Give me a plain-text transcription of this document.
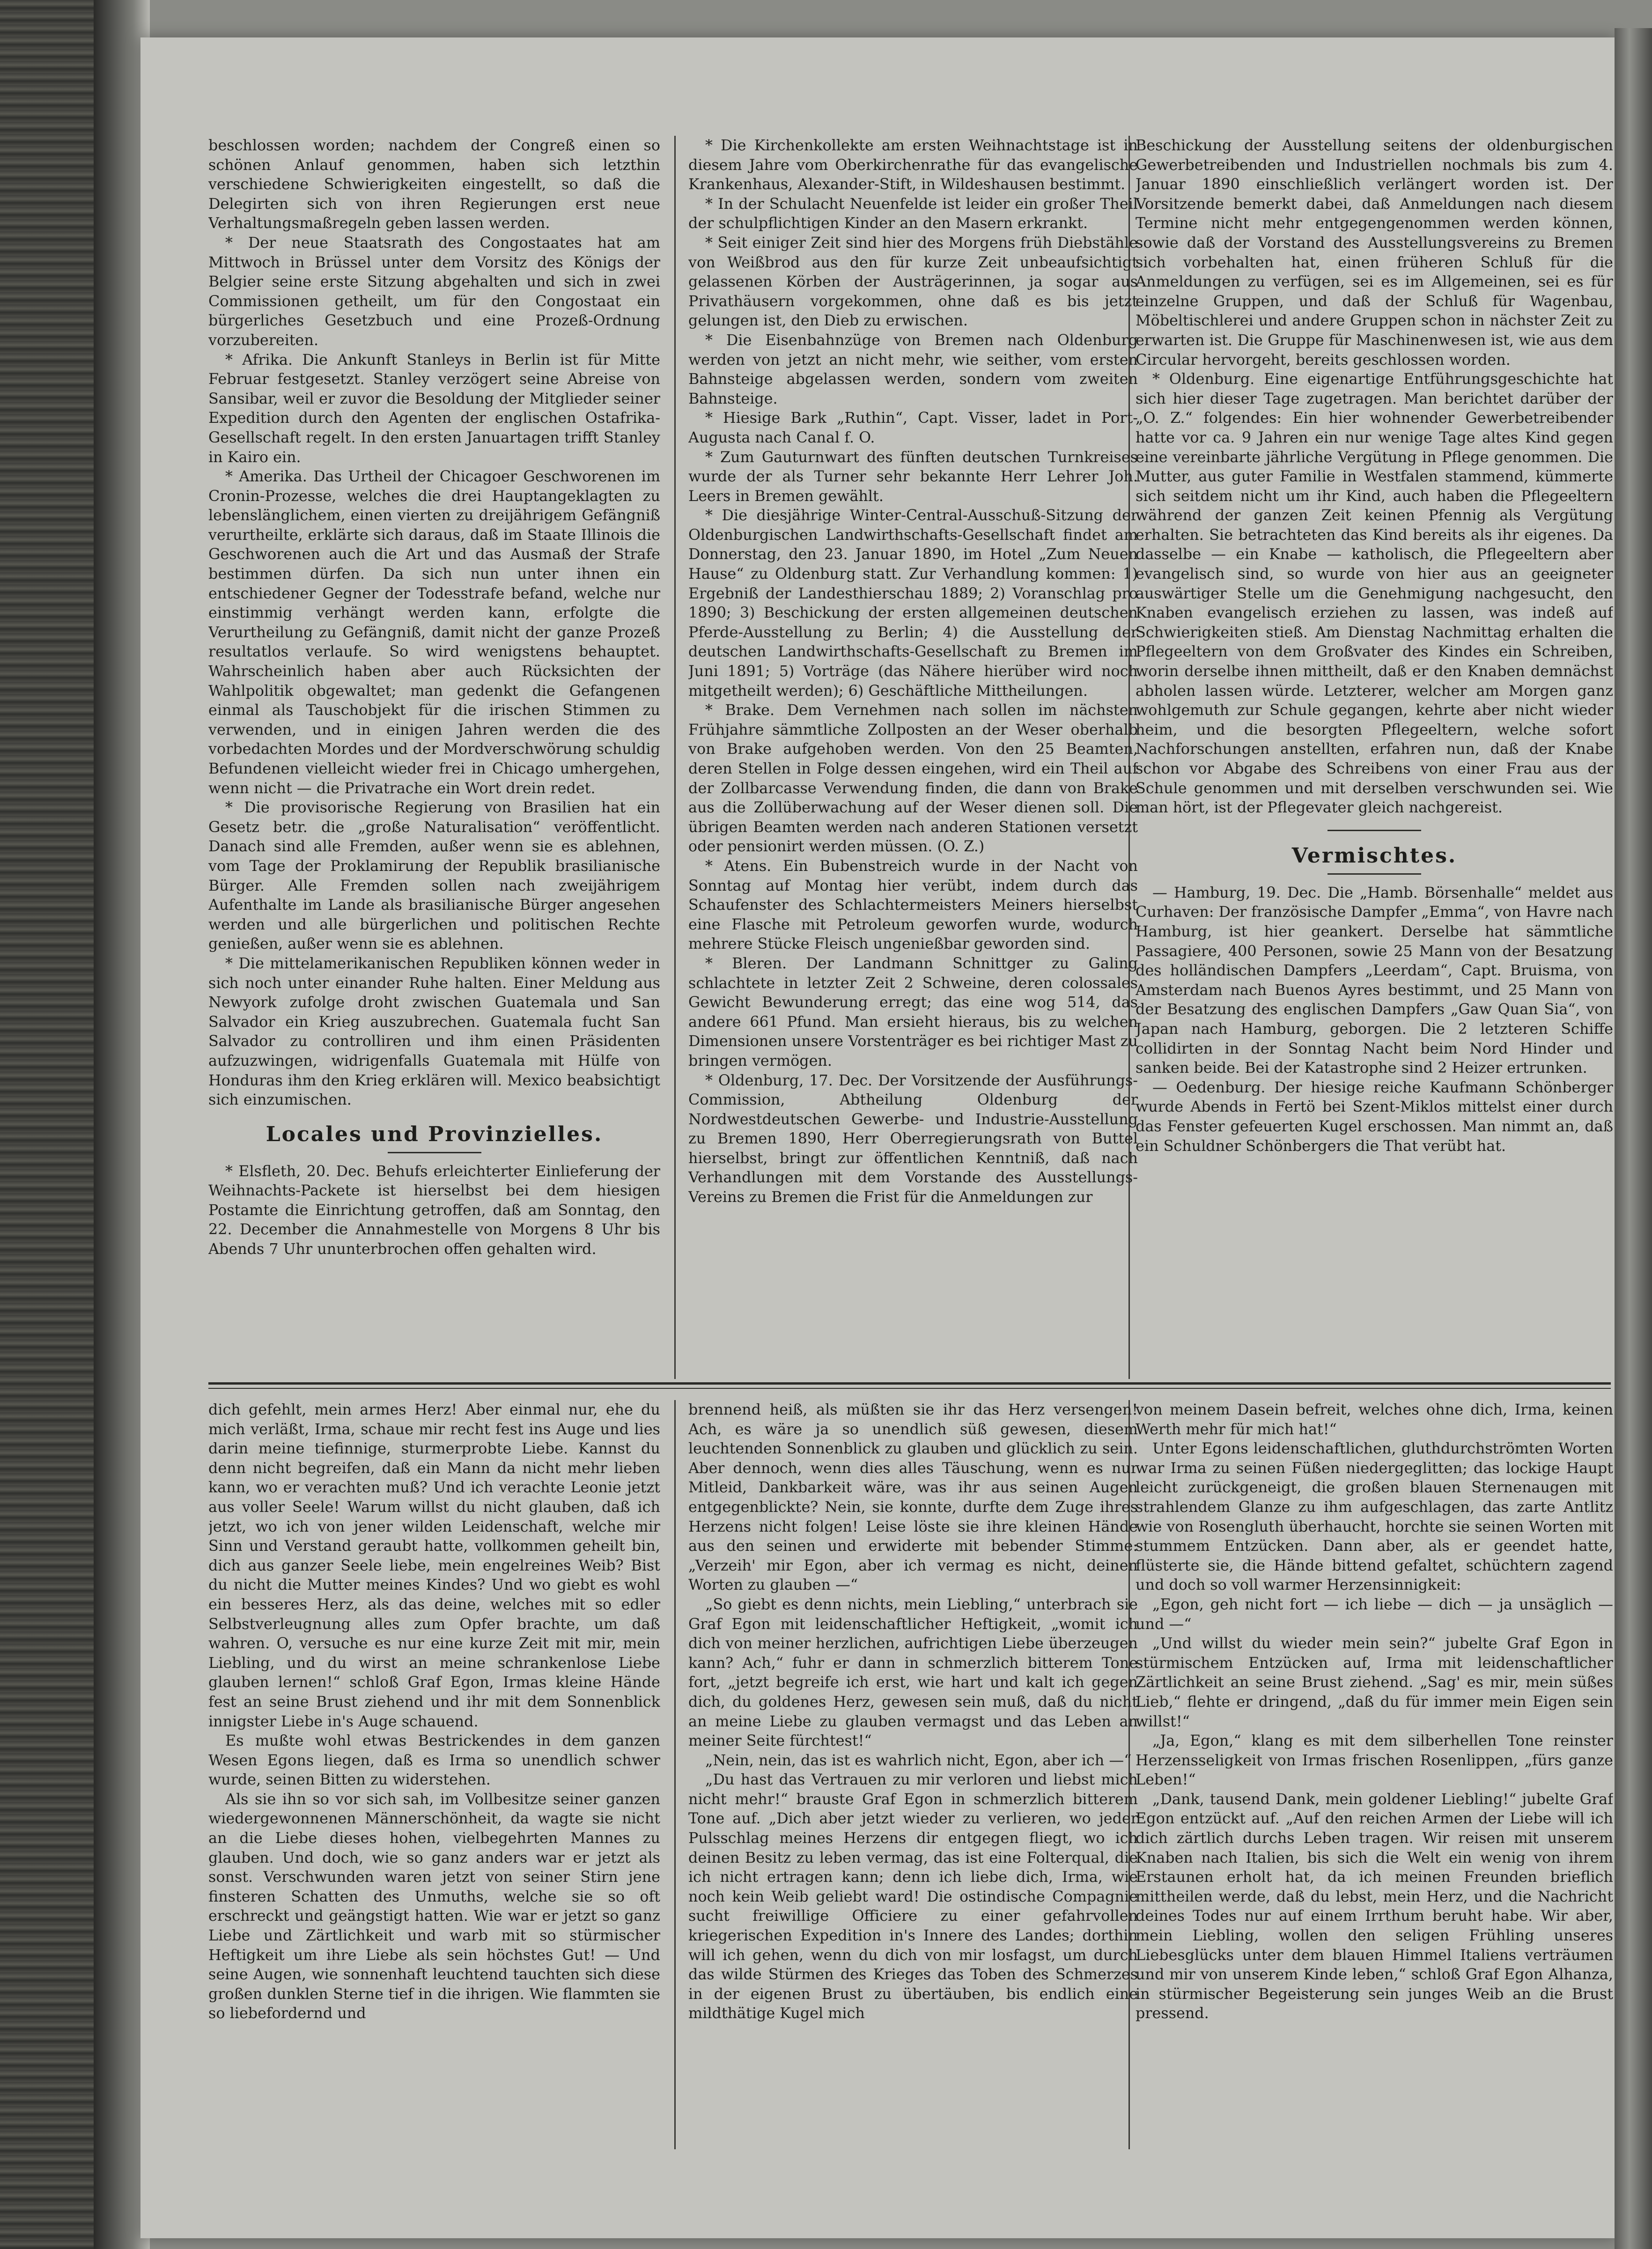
beschlossen worden; nachdem der Congreß einen so schönen Anlauf genommen, haben sich letzthin verschiedene Schwierigkeiten eingestellt, so daß die Delegirten sich von ihren Regierungen erst neue Verhaltungsmaßregeln geben lassen werden.

* Der neue Staatsrath des Congostaates hat am Mittwoch in Brüssel unter dem Vorsitz des Königs der Belgier seine erste Sitzung abgehalten und sich in zwei Commissionen getheilt, um für den Congostaat ein bürgerliches Gesetzbuch und eine Prozeß-Ordnung vorzubereiten.

* Afrika. Die Ankunft Stanleys in Berlin ist für Mitte Februar festgesetzt. Stanley verzögert seine Abreise von Sansibar, weil er zuvor die Besoldung der Mitglieder seiner Expedition durch den Agenten der englischen Ostafrika-Gesellschaft regelt. In den ersten Januartagen trifft Stanley in Kairo ein.

* Amerika. Das Urtheil der Chicagoer Geschworenen im Cronin-Prozesse, welches die drei Hauptangeklagten zu lebenslänglichem, einen vierten zu dreijährigem Gefängniß verurtheilte, erklärte sich daraus, daß im Staate Illinois die Geschworenen auch die Art und das Ausmaß der Strafe bestimmen dürfen. Da sich nun unter ihnen ein entschiedener Gegner der Todesstrafe befand, welche nur einstimmig verhängt werden kann, erfolgte die Verurtheilung zu Gefängniß, damit nicht der ganze Prozeß resultatlos verlaufe. So wird wenigstens behauptet. Wahrscheinlich haben aber auch Rücksichten der Wahlpolitik obgewaltet; man gedenkt die Gefangenen einmal als Tauschobjekt für die irischen Stimmen zu verwenden, und in einigen Jahren werden die des vorbedachten Mordes und der Mordverschwörung schuldig Befundenen vielleicht wieder frei in Chicago umhergehen, wenn nicht — die Privatrache ein Wort drein redet.

* Die provisorische Regierung von Brasilien hat ein Gesetz betr. die „große Naturalisation“ veröffentlicht. Danach sind alle Fremden, außer wenn sie es ablehnen, vom Tage der Proklamirung der Republik brasilianische Bürger. Alle Fremden sollen nach zweijährigem Aufenthalte im Lande als brasilianische Bürger angesehen werden und alle bürgerlichen und politischen Rechte genießen, außer wenn sie es ablehnen.

* Die mittelamerikanischen Republiken können weder in sich noch unter einander Ruhe halten. Einer Meldung aus Newyork zufolge droht zwischen Guatemala und San Salvador ein Krieg auszubrechen. Guatemala fucht San Salvador zu controlliren und ihm einen Präsidenten aufzuzwingen, widrigenfalls Guatemala mit Hülfe von Honduras ihm den Krieg erklären will. Mexico beabsichtigt sich einzumischen.

Locales und Provinzielles.

* Elsfleth, 20. Dec. Behufs erleichterter Einlieferung der Weihnachts-Packete ist hierselbst bei dem hiesigen Postamte die Einrichtung getroffen, daß am Sonntag, den 22. December die Annahmestelle von Morgens 8 Uhr bis Abends 7 Uhr ununterbrochen offen gehalten wird.

* Die Kirchenkollekte am ersten Weihnachtstage ist in diesem Jahre vom Oberkirchenrathe für das evangelische Krankenhaus, Alexander-Stift, in Wildeshausen bestimmt.

* In der Schulacht Neuenfelde ist leider ein großer Theil der schulpflichtigen Kinder an den Masern erkrankt.

* Seit einiger Zeit sind hier des Morgens früh Diebstähle von Weißbrod aus den für kurze Zeit unbeaufsichtigt gelassenen Körben der Austrägerinnen, ja sogar aus Privathäusern vorgekommen, ohne daß es bis jetzt gelungen ist, den Dieb zu erwischen.

* Die Eisenbahnzüge von Bremen nach Oldenburg werden von jetzt an nicht mehr, wie seither, vom ersten Bahnsteige abgelassen werden, sondern vom zweiten Bahnsteige.

* Hiesige Bark „Ruthin“, Capt. Visser, ladet in Port-Augusta nach Canal f. O.

* Zum Gauturnwart des fünften deutschen Turnkreises wurde der als Turner sehr bekannte Herr Lehrer Joh. Leers in Bremen gewählt.

* Die diesjährige Winter-Central-Ausschuß-Sitzung der Oldenburgischen Landwirthschafts-Gesellschaft findet am Donnerstag, den 23. Januar 1890, im Hotel „Zum Neuen Hause“ zu Oldenburg statt. Zur Verhandlung kommen: 1) Ergebniß der Landesthierschau 1889; 2) Voranschlag pro 1890; 3) Beschickung der ersten allgemeinen deutschen Pferde-Ausstellung zu Berlin; 4) die Ausstellung der deutschen Landwirthschafts-Gesellschaft zu Bremen im Juni 1891; 5) Vorträge (das Nähere hierüber wird noch mitgetheilt werden); 6) Geschäftliche Mittheilungen.

* Brake. Dem Vernehmen nach sollen im nächsten Frühjahre sämmtliche Zollposten an der Weser oberhalb von Brake aufgehoben werden. Von den 25 Beamten, deren Stellen in Folge dessen eingehen, wird ein Theil auf der Zollbarcasse Verwendung finden, die dann von Brake aus die Zollüberwachung auf der Weser dienen soll. Die übrigen Beamten werden nach anderen Stationen versetzt oder pensionirt werden müssen. (O. Z.)

* Atens. Ein Bubenstreich wurde in der Nacht von Sonntag auf Montag hier verübt, indem durch das Schaufenster des Schlachtermeisters Meiners hierselbst eine Flasche mit Petroleum geworfen wurde, wodurch mehrere Stücke Fleisch ungenießbar geworden sind.

* Bleren. Der Landmann Schnittger zu Galing schlachtete in letzter Zeit 2 Schweine, deren colossales Gewicht Bewunderung erregt; das eine wog 514, das andere 661 Pfund. Man ersieht hieraus, bis zu welchen Dimensionen unsere Vorstenträger es bei richtiger Mast zu bringen vermögen.

* Oldenburg, 17. Dec. Der Vorsitzende der Ausführungs-Commission, Abtheilung Oldenburg der Nordwestdeutschen Gewerbe- und Industrie-Ausstellung zu Bremen 1890, Herr Oberregierungsrath von Buttel hierselbst, bringt zur öffentlichen Kenntniß, daß nach Verhandlungen mit dem Vorstande des Ausstellungs-Vereins zu Bremen die Frist für die Anmeldungen zur

Beschickung der Ausstellung seitens der oldenburgischen Gewerbetreibenden und Industriellen nochmals bis zum 4. Januar 1890 einschließlich verlängert worden ist. Der Vorsitzende bemerkt dabei, daß Anmeldungen nach diesem Termine nicht mehr entgegengenommen werden können, sowie daß der Vorstand des Ausstellungsvereins zu Bremen sich vorbehalten hat, einen früheren Schluß für die Anmeldungen zu verfügen, sei es im Allgemeinen, sei es für einzelne Gruppen, und daß der Schluß für Wagenbau, Möbeltischlerei und andere Gruppen schon in nächster Zeit zu erwarten ist. Die Gruppe für Maschinenwesen ist, wie aus dem Circular hervorgeht, bereits geschlossen worden.

* Oldenburg. Eine eigenartige Entführungsgeschichte hat sich hier dieser Tage zugetragen. Man berichtet darüber der „O. Z.“ folgendes: Ein hier wohnender Gewerbetreibender hatte vor ca. 9 Jahren ein nur wenige Tage altes Kind gegen eine vereinbarte jährliche Vergütung in Pflege genommen. Die Mutter, aus guter Familie in Westfalen stammend, kümmerte sich seitdem nicht um ihr Kind, auch haben die Pflegeeltern während der ganzen Zeit keinen Pfennig als Vergütung erhalten. Sie betrachteten das Kind bereits als ihr eigenes. Da dasselbe — ein Knabe — katholisch, die Pflegeeltern aber evangelisch sind, so wurde von hier aus an geeigneter auswärtiger Stelle um die Genehmigung nachgesucht, den Knaben evangelisch erziehen zu lassen, was indeß auf Schwierigkeiten stieß. Am Dienstag Nachmittag erhalten die Pflegeeltern von dem Großvater des Kindes ein Schreiben, worin derselbe ihnen mittheilt, daß er den Knaben demnächst abholen lassen würde. Letzterer, welcher am Morgen ganz wohlgemuth zur Schule gegangen, kehrte aber nicht wieder heim, und die besorgten Pflegeeltern, welche sofort Nachforschungen anstellten, erfahren nun, daß der Knabe schon vor Abgabe des Schreibens von einer Frau aus der Schule genommen und mit derselben verschwunden sei. Wie man hört, ist der Pflegevater gleich nachgereist.

Vermischtes.

— Hamburg, 19. Dec. Die „Hamb. Börsenhalle“ meldet aus Curhaven: Der französische Dampfer „Emma“, von Havre nach Hamburg, ist hier geankert. Derselbe hat sämmtliche Passagiere, 400 Personen, sowie 25 Mann von der Besatzung des holländischen Dampfers „Leerdam“, Capt. Bruisma, von Amsterdam nach Buenos Ayres bestimmt, und 25 Mann von der Besatzung des englischen Dampfers „Gaw Quan Sia“, von Japan nach Hamburg, geborgen. Die 2 letzteren Schiffe collidirten in der Sonntag Nacht beim Nord Hinder und sanken beide. Bei der Katastrophe sind 2 Heizer ertrunken.

— Oedenburg. Der hiesige reiche Kaufmann Schönberger wurde Abends in Fertö bei Szent-Miklos mittelst einer durch das Fenster gefeuerten Kugel erschossen. Man nimmt an, daß ein Schuldner Schönbergers die That verübt hat.

dich gefehlt, mein armes Herz! Aber einmal nur, ehe du mich verläßt, Irma, schaue mir recht fest ins Auge und lies darin meine tiefinnige, sturmerprobte Liebe. Kannst du denn nicht begreifen, daß ein Mann da nicht mehr lieben kann, wo er verachten muß? Und ich verachte Leonie jetzt aus voller Seele! Warum willst du nicht glauben, daß ich jetzt, wo ich von jener wilden Leidenschaft, welche mir Sinn und Verstand geraubt hatte, vollkommen geheilt bin, dich aus ganzer Seele liebe, mein engelreines Weib? Bist du nicht die Mutter meines Kindes? Und wo giebt es wohl ein besseres Herz, als das deine, welches mit so edler Selbstverleugnung alles zum Opfer brachte, um daß wahren. O, versuche es nur eine kurze Zeit mit mir, mein Liebling, und du wirst an meine schrankenlose Liebe glauben lernen!“ schloß Graf Egon, Irmas kleine Hände fest an seine Brust ziehend und ihr mit dem Sonnenblick innigster Liebe in's Auge schauend.

Es mußte wohl etwas Bestrickendes in dem ganzen Wesen Egons liegen, daß es Irma so unendlich schwer wurde, seinen Bitten zu widerstehen.

Als sie ihn so vor sich sah, im Vollbesitze seiner ganzen wiedergewonnenen Männerschönheit, da wagte sie nicht an die Liebe dieses hohen, vielbegehrten Mannes zu glauben. Und doch, wie so ganz anders war er jetzt als sonst. Verschwunden waren jetzt von seiner Stirn jene finsteren Schatten des Unmuths, welche sie so oft erschreckt und geängstigt hatten. Wie war er jetzt so ganz Liebe und Zärtlichkeit und warb mit so stürmischer Heftigkeit um ihre Liebe als sein höchstes Gut! — Und seine Augen, wie sonnenhaft leuchtend tauchten sich diese großen dunklen Sterne tief in die ihrigen. Wie flammten sie so liebefordernd und

brennend heiß, als müßten sie ihr das Herz versengen! Ach, es wäre ja so unendlich süß gewesen, diesem leuchtenden Sonnenblick zu glauben und glücklich zu sein. Aber dennoch, wenn dies alles Täuschung, wenn es nur Mitleid, Dankbarkeit wäre, was ihr aus seinen Augen entgegenblickte? Nein, sie konnte, durfte dem Zuge ihres Herzens nicht folgen! Leise löste sie ihre kleinen Hände aus den seinen und erwiderte mit bebender Stimme: „Verzeih' mir Egon, aber ich vermag es nicht, deinen Worten zu glauben —“

„So giebt es denn nichts, mein Liebling,“ unterbrach sie Graf Egon mit leidenschaftlicher Heftigkeit, „womit ich dich von meiner herzlichen, aufrichtigen Liebe überzeugen kann? Ach,“ fuhr er dann in schmerzlich bitterem Tone fort, „jetzt begreife ich erst, wie hart und kalt ich gegen dich, du goldenes Herz, gewesen sein muß, daß du nicht an meine Liebe zu glauben vermagst und das Leben an meiner Seite fürchtest!“

„Nein, nein, das ist es wahrlich nicht, Egon, aber ich —“

„Du hast das Vertrauen zu mir verloren und liebst mich nicht mehr!“ brauste Graf Egon in schmerzlich bitterem Tone auf. „Dich aber jetzt wieder zu verlieren, wo jeder Pulsschlag meines Herzens dir entgegen fliegt, wo ich deinen Besitz zu leben vermag, das ist eine Folterqual, die ich nicht ertragen kann; denn ich liebe dich, Irma, wie noch kein Weib geliebt ward! Die ostindische Compagnie sucht freiwillige Officiere zu einer gefahrvollen kriegerischen Expedition in's Innere des Landes; dorthin will ich gehen, wenn du dich von mir losfagst, um durch das wilde Stürmen des Krieges das Toben des Schmerzes in der eigenen Brust zu übertäuben, bis endlich eine mildthätige Kugel mich

von meinem Dasein befreit, welches ohne dich, Irma, keinen Werth mehr für mich hat!“

Unter Egons leidenschaftlichen, gluthdurchströmten Worten war Irma zu seinen Füßen niedergeglitten; das lockige Haupt leicht zurückgeneigt, die großen blauen Sternenaugen mit strahlendem Glanze zu ihm aufgeschlagen, das zarte Antlitz wie von Rosengluth überhaucht, horchte sie seinen Worten mit stummem Entzücken. Dann aber, als er geendet hatte, flüsterte sie, die Hände bittend gefaltet, schüchtern zagend und doch so voll warmer Herzensinnigkeit:

„Egon, geh nicht fort — ich liebe — dich — ja unsäglich — und —“

„Und willst du wieder mein sein?“ jubelte Graf Egon in stürmischem Entzücken auf, Irma mit leidenschaftlicher Zärtlichkeit an seine Brust ziehend. „Sag' es mir, mein süßes Lieb,“ flehte er dringend, „daß du für immer mein Eigen sein willst!“

„Ja, Egon,“ klang es mit dem silberhellen Tone reinster Herzensseligkeit von Irmas frischen Rosenlippen, „fürs ganze Leben!“

„Dank, tausend Dank, mein goldener Liebling!“ jubelte Graf Egon entzückt auf. „Auf den reichen Armen der Liebe will ich dich zärtlich durchs Leben tragen. Wir reisen mit unserem Knaben nach Italien, bis sich die Welt ein wenig von ihrem Erstaunen erholt hat, da ich meinen Freunden brieflich mittheilen werde, daß du lebst, mein Herz, und die Nachricht deines Todes nur auf einem Irrthum beruht habe. Wir aber, mein Liebling, wollen den seligen Frühling unseres Liebesglücks unter dem blauen Himmel Italiens verträumen und mir von unserem Kinde leben,“ schloß Graf Egon Alhanza, in stürmischer Begeisterung sein junges Weib an die Brust pressend.
